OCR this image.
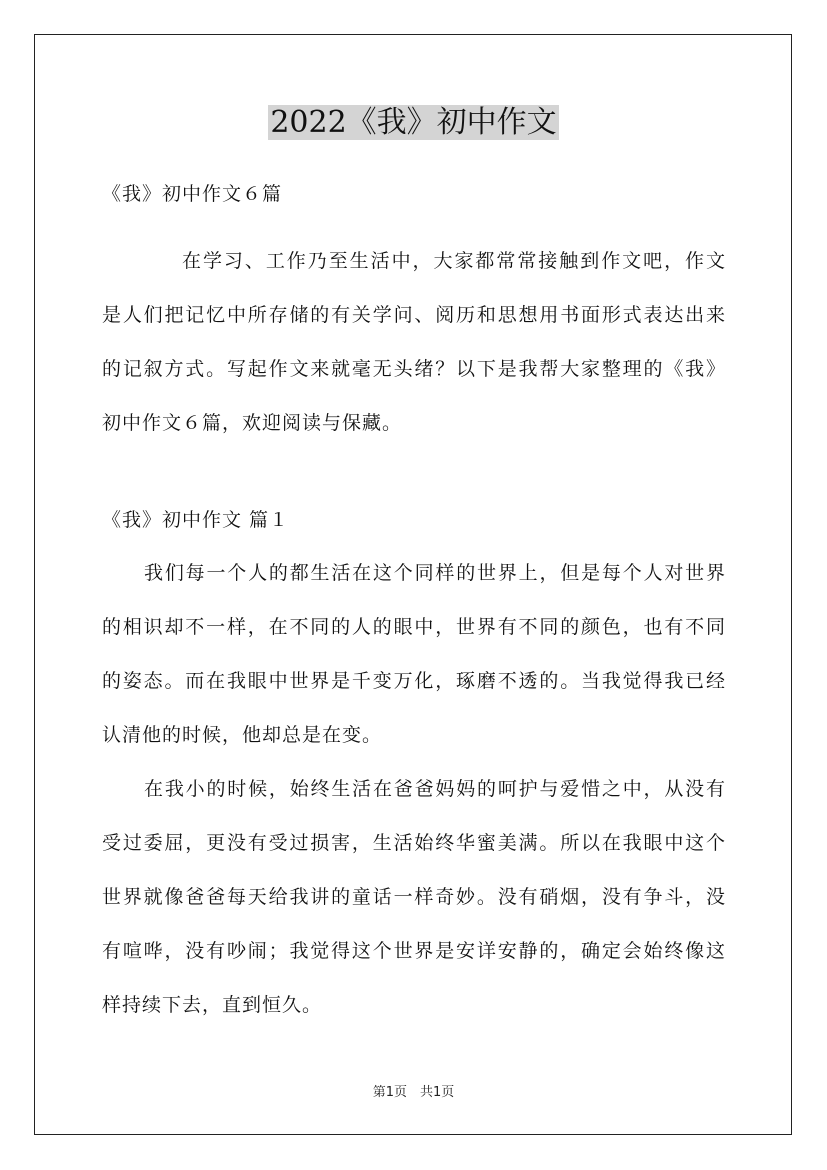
2022《我》初中作文
《我》初中作文６篇
在学习、工作乃至生活中，大家都常常接触到作文吧，作文
是人们把记忆中所存储的有关学问、阅历和思想用书面形式表达出来
的记叙方式。写起作文来就毫无头绪？以下是我帮大家整理的《我》
初中作文６篇，欢迎阅读与保藏。
《我》初中作文 篇１
我们每一个人的都生活在这个同样的世界上，但是每个人对世界
的相识却不一样，在不同的人的眼中，世界有不同的颜色，也有不同
的姿态。而在我眼中世界是千变万化，琢磨不透的。当我觉得我已经
认清他的时候，他却总是在变。
在我小的时候，始终生活在爸爸妈妈的呵护与爱惜之中，从没有
受过委屈，更没有受过损害，生活始终华蜜美满。所以在我眼中这个
世界就像爸爸每天给我讲的童话一样奇妙。没有硝烟，没有争斗，没
有喧哗，没有吵闹；我觉得这个世界是安详安静的，确定会始终像这
样持续下去，直到恒久。
第1页　共1页
